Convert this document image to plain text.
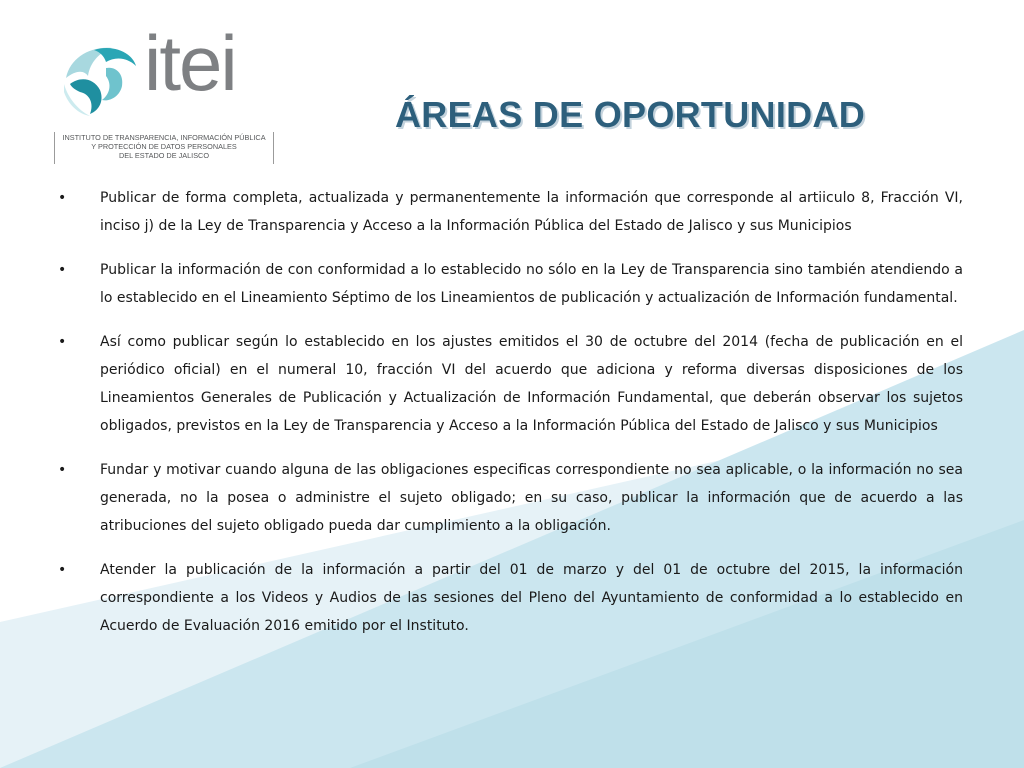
itei
INSTITUTO DE TRANSPARENCIA, INFORMACIÓN PÚBLICA
Y PROTECCIÓN DE DATOS PERSONALES
DEL ESTADO DE JALISCO
ÁREAS DE OPORTUNIDAD
• Publicar de forma completa, actualizada y permanentemente la información que corresponde al artiiculo 8, Fracción VI, inciso j) de la Ley de Transparencia y Acceso a la Información Pública del Estado de Jalisco y sus Municipios
• Publicar la información de con conformidad a lo establecido no sólo en la Ley de Transparencia sino también atendiendo a lo establecido en el Lineamiento Séptimo de los Lineamientos de publicación y actualización de Información fundamental.
• Así como publicar según lo establecido en los ajustes emitidos el 30 de octubre del 2014 (fecha de publicación en el periódico oficial) en el numeral 10, fracción VI del acuerdo que adiciona y reforma diversas disposiciones de los Lineamientos Generales de Publicación y Actualización de Información Fundamental, que deberán observar los sujetos obligados, previstos en la Ley de Transparencia y Acceso a la Información Pública del Estado de Jalisco y sus Municipios
• Fundar y motivar cuando alguna de las obligaciones especificas correspondiente no sea aplicable, o la información no sea generada, no la posea o administre el sujeto obligado; en su caso, publicar la información que de acuerdo a las atribuciones del sujeto obligado pueda dar cumplimiento a la obligación.
• Atender la publicación de la información a partir del 01 de marzo y del 01 de octubre del 2015, la información correspondiente a los Videos y Audios de las sesiones del Pleno del Ayuntamiento de conformidad a lo establecido en Acuerdo de Evaluación 2016 emitido por el Instituto.
